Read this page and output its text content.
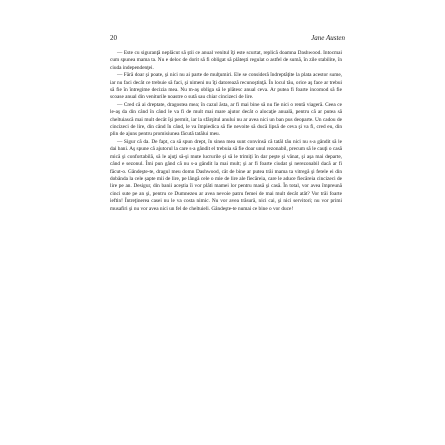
20	Jane Austen

— Este cu siguranţă neplăcut să ştii ce anual venitul îţi este scurtat, replică doamna Dashwood. Intocmai cum spunea mama ta. Nu e deloc de dorit să fi obligat să plăteşti regulat o astfel de sumă, în zile stabilite, în ciuda independenţei.

— Fără doar şi poate, şi nici nu ai parte de mulţumiri. Ele se consideră îndreptăţite la plata acestor sume, iar nu faci decât ce trebuie să faci, şi nimeni nu îţi datorează recunoştinţă. În locul tău, orice aş face ar trebui să fie în întregime decizia mea. Nu m-aş obliga să le plătesc anual ceva. Ar putea fi foarte incomod să fie scoase anual din veniturile noastre o sută sau chiar cincizeci de lire.

— Cred că ai dreptate, dragostea mea; în cazul ăsta, ar fi mai bine să nu fie nici o rentă viageră. Ceea ce le-aş da din când în când le va fi de mult mai mare ajutor decât o alocaţie anuală, pentru că ar putea să cheltuiască mai mult decât îşi permit, iar la sfârşitul anului nu ar avea nici un ban pus deoparte. Un cadou de cincizeci de lire, din când în când, le va împiedica să fie nevoite să ducă lipsă de ceva şi va fi, cred eu, din plin de ajuns pentru promisiunea făcută tatălui meu.

— Sigur că da. De fapt, ca să spun drept, în sinea mea sunt convinsă că tatăl tău nici nu s-a gândit să le dai bani. Aş spune că ajutorul la care s-a gândit el trebuia să fie doar unul rezonabil, precum să le cauţi o casă mică şi confortabilă, să le ajuţi să-şi mute lucrurile şi să le trimiţi în dar peşte şi vânat, şi aşa mai departe, când e sezonul. Îmi pun gând că nu s-a gândit la mai mult; şi ar fi foarte ciudat şi nerezonabil dacă ar fi făcut-o. Gândeşte-te, dragul meu domn Dashwood, cât de bine ar putea trăi mama ta vitregă şi fetele ei din dobânda la cele şapte mii de lire, pe lângă cele o mie de lire ale fiecăreia, care le aduce fiecăreia cincizeci de lire pe an. Desigur, din banii aceştia îi vor plăti mamei lor pentru masă şi casă. În total, vor avea împreună cinci sute pe an şi, pentru ce Dumnezeu ar avea nevoie patru femei de mai mult decât atât? Vor trăi foarte ieftin! Întreţinerea casei nu le va costa nimic. Nu vor avea trăsură, nici cai, şi nici servitori; nu vor primi musafiri şi nu vor avea nici un fel de cheltuieli. Gândeşte-te numai ce bine o vor duce!
